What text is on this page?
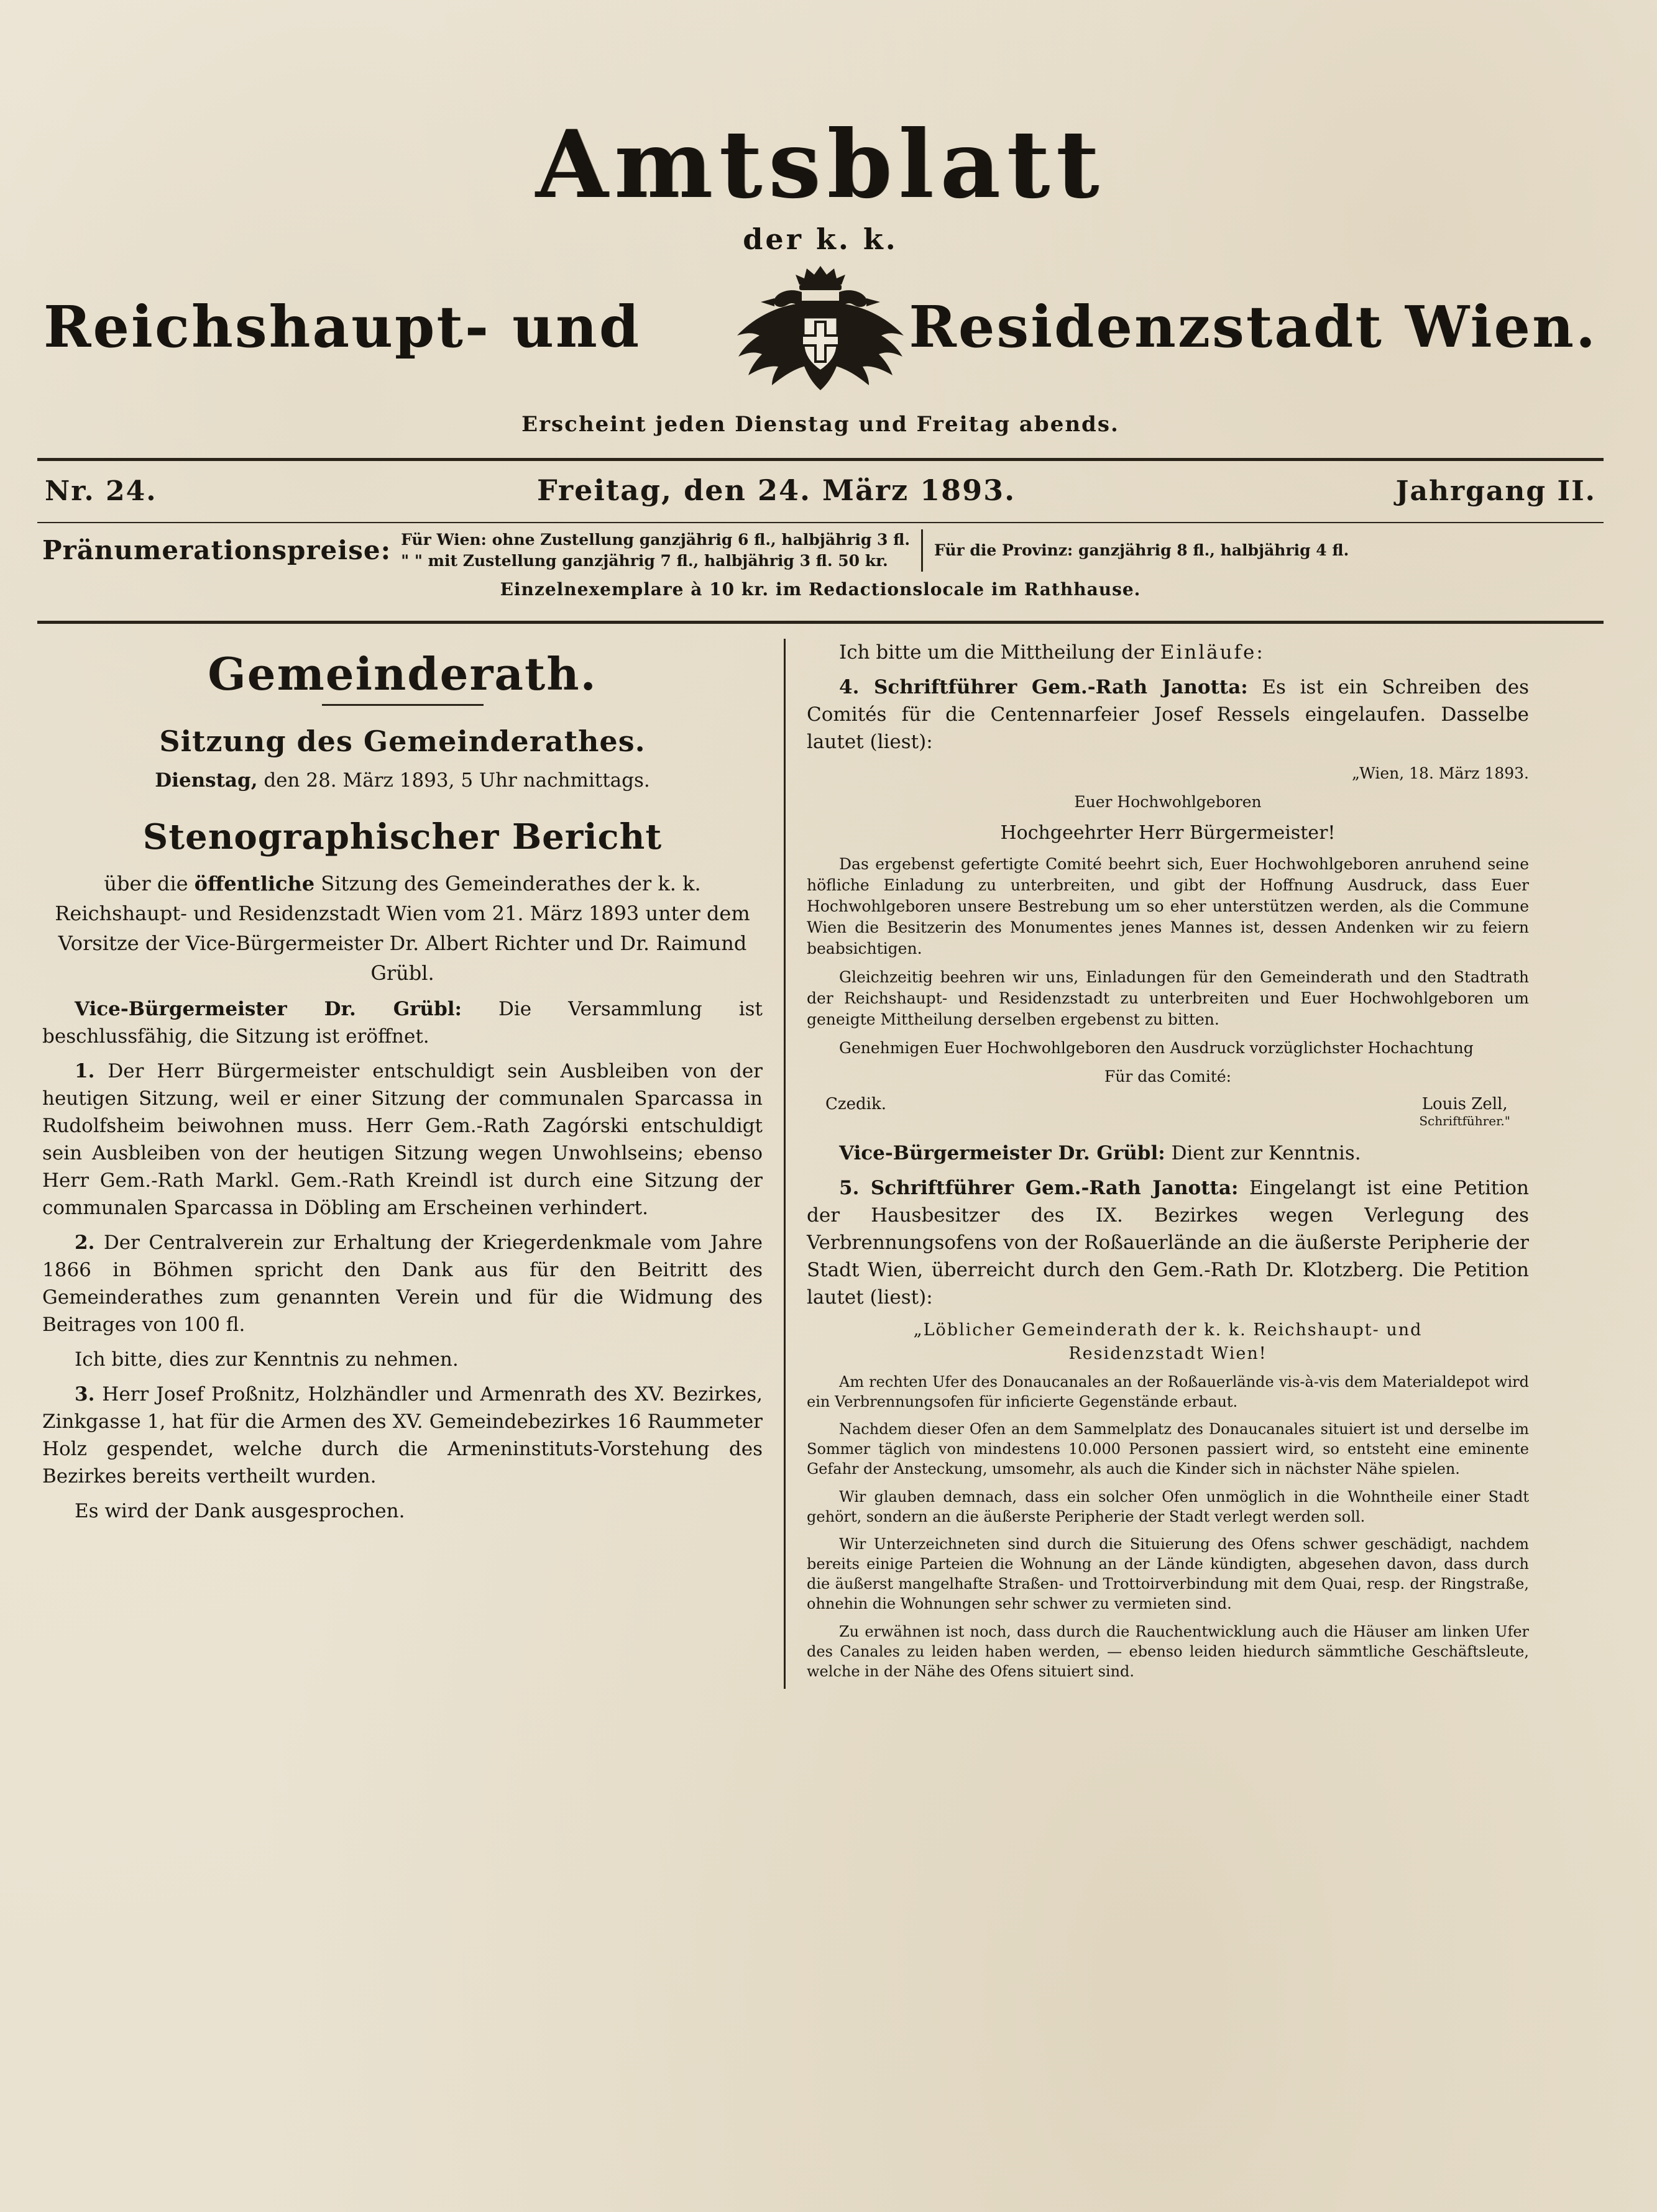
Amtsblatt
der k. k.
Reichshaupt- und	Residenzstadt Wien.
Erscheint jeden Dienstag und Freitag abends.
Nr. 24.	Freitag, den 24. März 1893.	Jahrgang II.
Pränumerationspreise: Für Wien: ohne Zustellung ganzjährig 6 fl., halbjährig 3 fl.
" " mit Zustellung ganzjährig 7 fl., halbjährig 3 fl. 50 kr.
Für die Provinz: ganzjährig 8 fl., halbjährig 4 fl.
Einzelnexemplare à 10 kr. im Redactionslocale im Rathhause.
Gemeinderath.
Sitzung des Gemeinderathes.

Dienstag, den 28. März 1893, 5 Uhr nachmittags.

Stenographischer Bericht

über die öffentliche Sitzung des Gemeinderathes der k. k. Reichshaupt- und Residenzstadt Wien vom 21. März 1893 unter dem Vorsitze der Vice-Bürgermeister Dr. Albert Richter und Dr. Raimund Grübl.

Vice-Bürgermeister Dr. Grübl: Die Versammlung ist beschlussfähig, die Sitzung ist eröffnet.

1. Der Herr Bürgermeister entschuldigt sein Ausbleiben von der heutigen Sitzung, weil er einer Sitzung der communalen Sparcassa in Rudolfsheim beiwohnen muss. Herr Gem.-Rath Zagórski entschuldigt sein Ausbleiben von der heutigen Sitzung wegen Unwohlseins; ebenso Herr Gem.-Rath Markl. Gem.-Rath Kreindl ist durch eine Sitzung der communalen Sparcassa in Döbling am Erscheinen verhindert.

2. Der Centralverein zur Erhaltung der Kriegerdenkmale vom Jahre 1866 in Böhmen spricht den Dank aus für den Beitritt des Gemeinderathes zum genannten Verein und für die Widmung des Beitrages von 100 fl.

Ich bitte, dies zur Kenntnis zu nehmen.

3. Herr Josef Proßnitz, Holzhändler und Armenrath des XV. Bezirkes, Zinkgasse 1, hat für die Armen des XV. Gemeindebezirkes 16 Raummeter Holz gespendet, welche durch die Armeninstituts-Vorstehung des Bezirkes bereits vertheilt wurden.

Es wird der Dank ausgesprochen.

Ich bitte um die Mittheilung der Einläufe:

4. Schriftführer Gem.-Rath Janotta: Es ist ein Schreiben des Comités für die Centennarfeier Josef Ressels eingelaufen. Dasselbe lautet (liest):

„Wien, 18. März 1893.

Euer Hochwohlgeboren

Hochgeehrter Herr Bürgermeister!

Das ergebenst gefertigte Comité beehrt sich, Euer Hochwohlgeboren anruhend seine höfliche Einladung zu unterbreiten, und gibt der Hoffnung Ausdruck, dass Euer Hochwohlgeboren unsere Bestrebung um so eher unterstützen werden, als die Commune Wien die Besitzerin des Monumentes jenes Mannes ist, dessen Andenken wir zu feiern beabsichtigen.

Gleichzeitig beehren wir uns, Einladungen für den Gemeinderath und den Stadtrath der Reichshaupt- und Residenzstadt zu unterbreiten und Euer Hochwohlgeboren um geneigte Mittheilung derselben ergebenst zu bitten.

Genehmigen Euer Hochwohlgeboren den Ausdruck vorzüglichster Hochachtung

Für das Comité:

Czedik.	Louis Zell,
Schriftführer."

Vice-Bürgermeister Dr. Grübl: Dient zur Kenntnis.

5. Schriftführer Gem.-Rath Janotta: Eingelangt ist eine Petition der Hausbesitzer des IX. Bezirkes wegen Verlegung des Verbrennungsofens von der Roßauerlände an die äußerste Peripherie der Stadt Wien, überreicht durch den Gem.-Rath Dr. Klotzberg. Die Petition lautet (liest):

„Löblicher Gemeinderath der k. k. Reichshaupt- und
Residenzstadt Wien!

Am rechten Ufer des Donaucanales an der Roßauerlände vis-à-vis dem Materialdepot wird ein Verbrennungsofen für inficierte Gegenstände erbaut.

Nachdem dieser Ofen an dem Sammelplatz des Donaucanales situiert ist und derselbe im Sommer täglich von mindestens 10.000 Personen passiert wird, so entsteht eine eminente Gefahr der Ansteckung, umsomehr, als auch die Kinder sich in nächster Nähe spielen.

Wir glauben demnach, dass ein solcher Ofen unmöglich in die Wohntheile einer Stadt gehört, sondern an die äußerste Peripherie der Stadt verlegt werden soll.

Wir Unterzeichneten sind durch die Situierung des Ofens schwer geschädigt, nachdem bereits einige Parteien die Wohnung an der Lände kündigten, abgesehen davon, dass durch die äußerst mangelhafte Straßen- und Trottoirverbindung mit dem Quai, resp. der Ringstraße, ohnehin die Wohnungen sehr schwer zu vermieten sind.

Zu erwähnen ist noch, dass durch die Rauchentwicklung auch die Häuser am linken Ufer des Canales zu leiden haben werden, — ebenso leiden hiedurch sämmtliche Geschäftsleute, welche in der Nähe des Ofens situiert sind.
